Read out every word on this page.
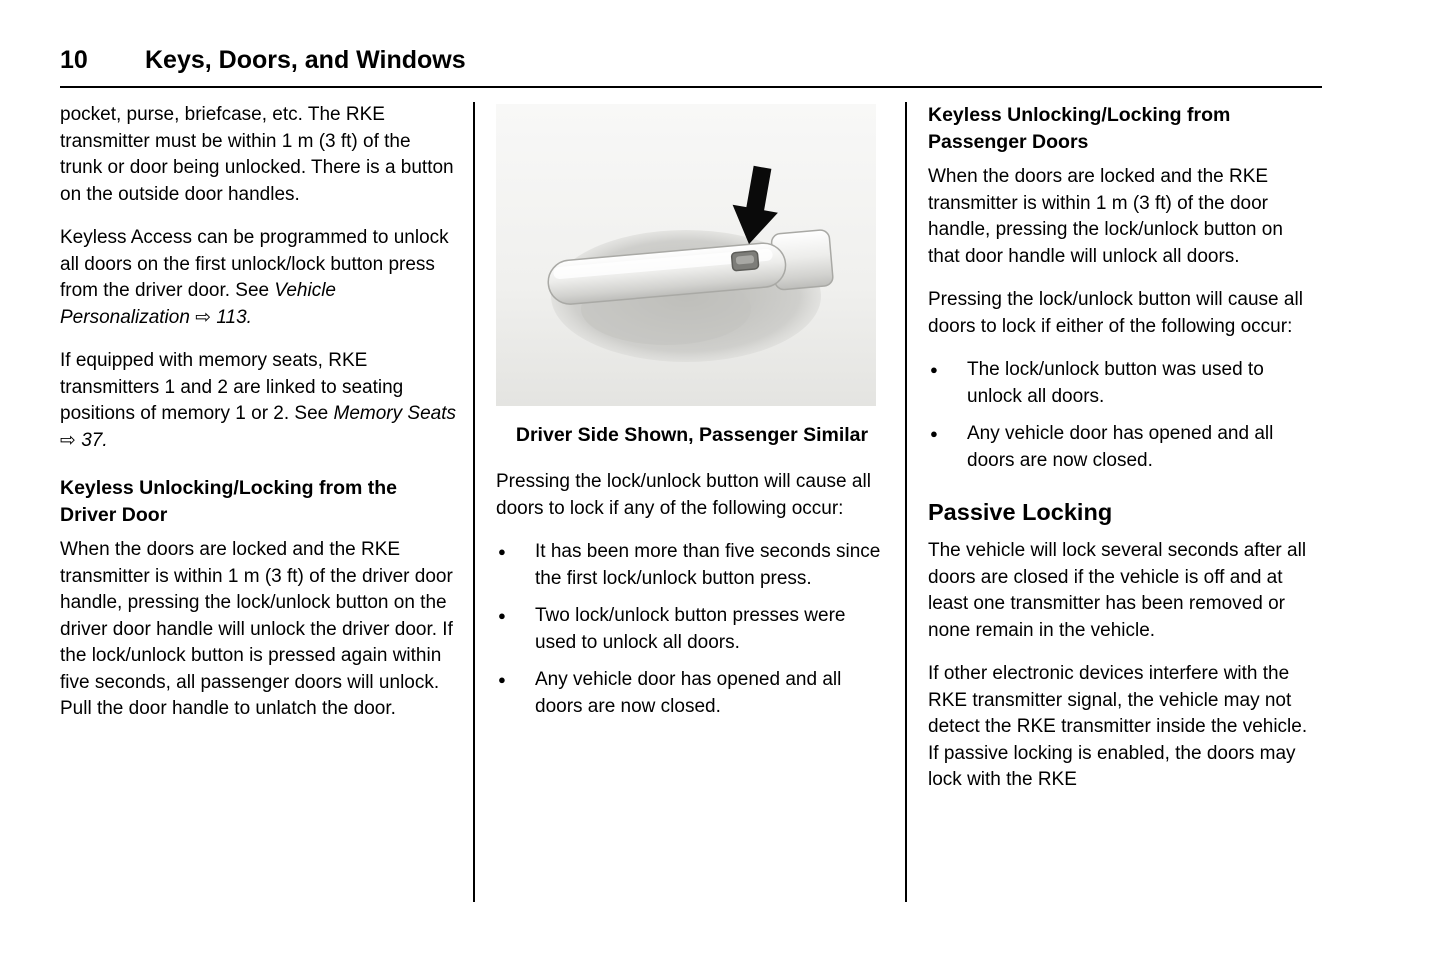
10	Keys, Doors, and Windows

pocket, purse, briefcase, etc. The RKE transmitter must be within 1 m (3 ft) of the trunk or door being unlocked. There is a button on the outside door handles.

Keyless Access can be programmed to unlock all doors on the first unlock/lock button press from the driver door. See Vehicle Personalization ⇨ 113.

If equipped with memory seats, RKE transmitters 1 and 2 are linked to seating positions of memory 1 or 2. See Memory Seats ⇨ 37.

Keyless Unlocking/Locking from the Driver Door

When the doors are locked and the RKE transmitter is within 1 m (3 ft) of the driver door handle, pressing the lock/unlock button on the driver door handle will unlock the driver door. If the lock/unlock button is pressed again within five seconds, all passenger doors will unlock. Pull the door handle to unlatch the door.

Driver Side Shown, Passenger Similar

Pressing the lock/unlock button will cause all doors to lock if any of the following occur:

●	It has been more than five seconds since the first lock/unlock button press.
●	Two lock/unlock button presses were used to unlock all doors.
●	Any vehicle door has opened and all doors are now closed.
Keyless Unlocking/Locking from Passenger Doors

When the doors are locked and the RKE transmitter is within 1 m (3 ft) of the door handle, pressing the lock/unlock button on that door handle will unlock all doors.

Pressing the lock/unlock button will cause all doors to lock if either of the following occur:

●	The lock/unlock button was used to unlock all doors.
●	Any vehicle door has opened and all doors are now closed.
Passive Locking

The vehicle will lock several seconds after all doors are closed if the vehicle is off and at least one transmitter has been removed or none remain in the vehicle.

If other electronic devices interfere with the RKE transmitter signal, the vehicle may not detect the RKE transmitter inside the vehicle. If passive locking is enabled, the doors may lock with the RKE
